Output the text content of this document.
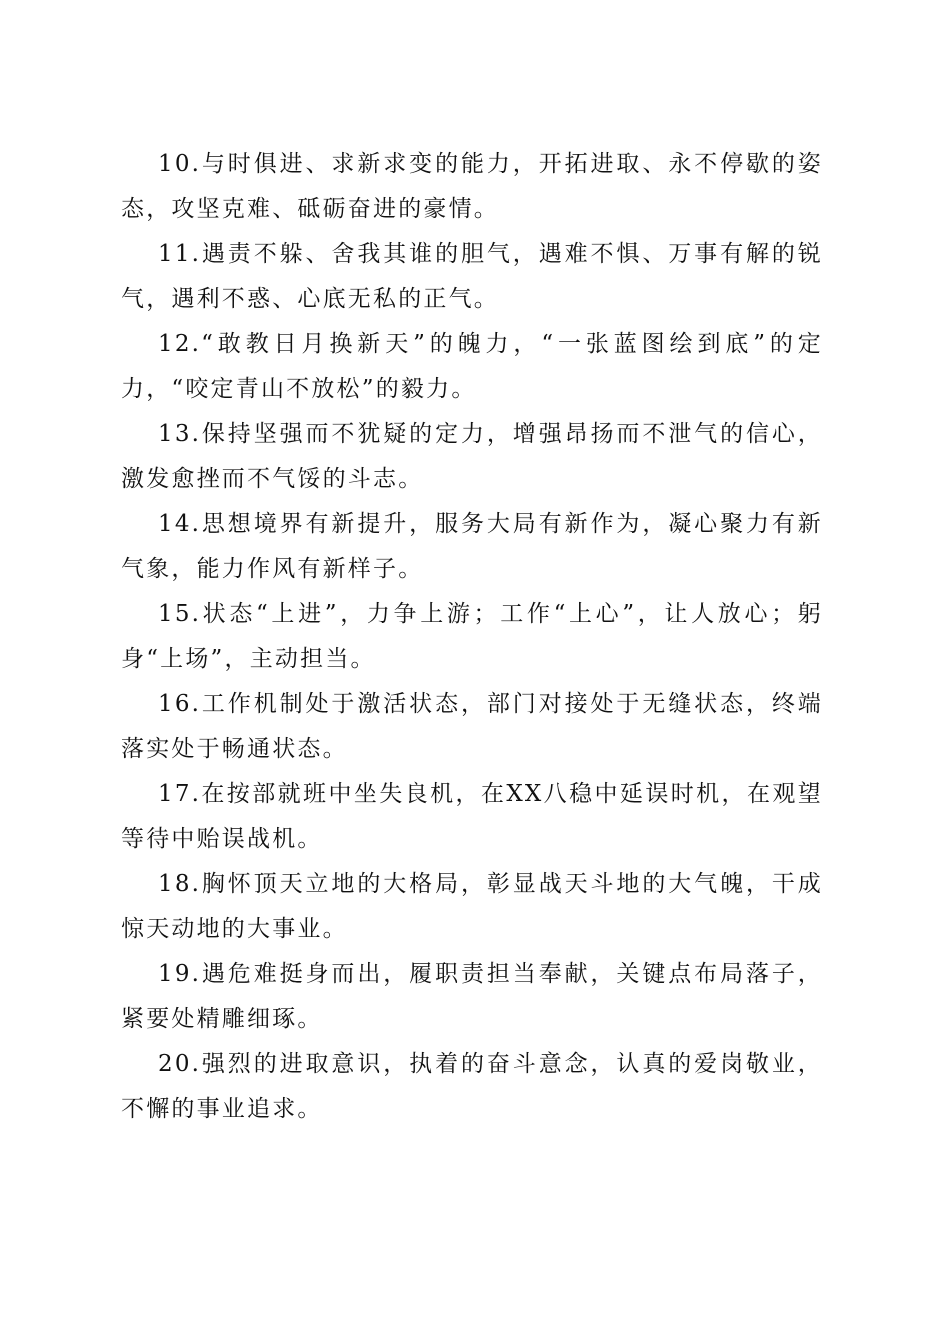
10.与时俱进、求新求变的能力，开拓进取、永不停歇的姿态，攻坚克难、砥砺奋进的豪情。

11.遇责不躲、舍我其谁的胆气，遇难不惧、万事有解的锐气，遇利不惑、心底无私的正气。

12.“敢教日月换新天”的魄力，“一张蓝图绘到底”的定力，“咬定青山不放松”的毅力。

13.保持坚强而不犹疑的定力，增强昂扬而不泄气的信心，激发愈挫而不气馁的斗志。

14.思想境界有新提升，服务大局有新作为，凝心聚力有新气象，能力作风有新样子。

15.状态“上进”，力争上游；工作“上心”，让人放心；躬身“上场”，主动担当。

16.工作机制处于激活状态，部门对接处于无缝状态，终端落实处于畅通状态。

17.在按部就班中坐失良机，在XX八稳中延误时机，在观望等待中贻误战机。

18.胸怀顶天立地的大格局，彰显战天斗地的大气魄，干成惊天动地的大事业。

19.遇危难挺身而出，履职责担当奉献，关键点布局落子，紧要处精雕细琢。

20.强烈的进取意识，执着的奋斗意念，认真的爱岗敬业，不懈的事业追求。
